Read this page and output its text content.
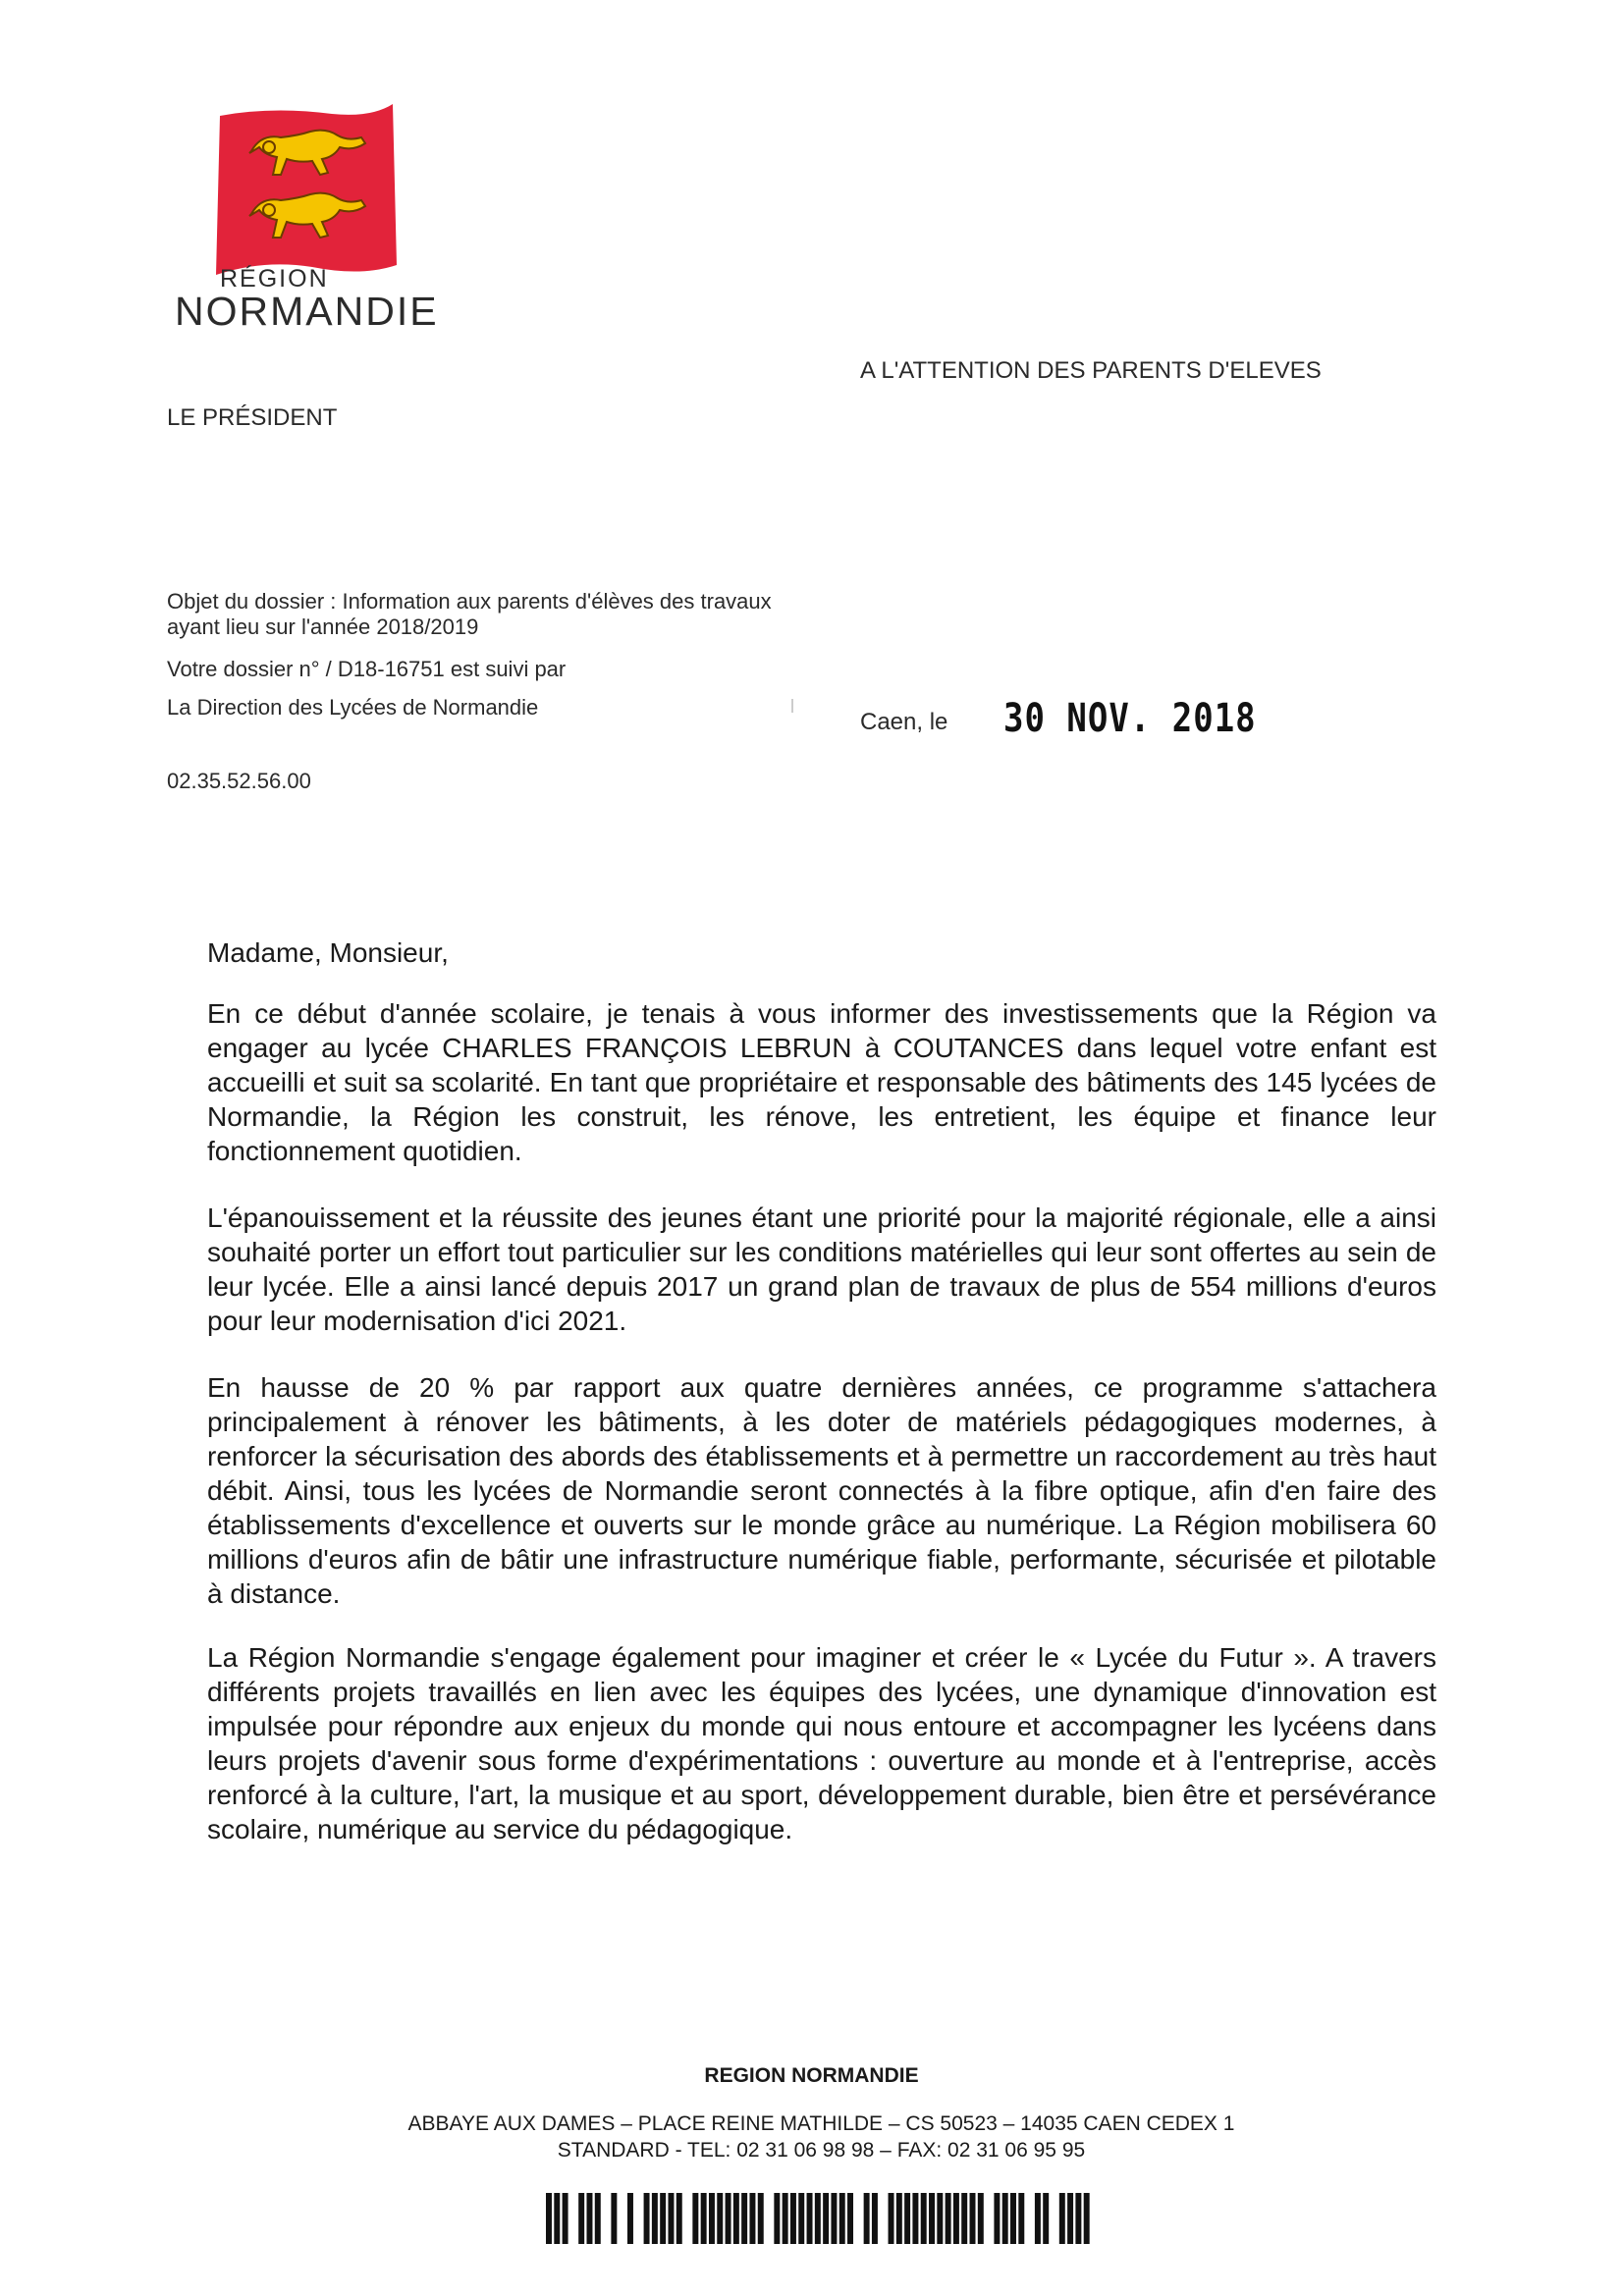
RÉGION
NORMANDIE
A L'ATTENTION DES PARENTS D'ELEVES
LE PRÉSIDENT
Objet du dossier : Information aux parents d'élèves des travaux ayant lieu sur l'année 2018/2019
Votre dossier n° / D18-16751 est suivi par
La Direction des Lycées de Normandie
02.35.52.56.00
Caen, le 30 NOV. 2018
Madame, Monsieur,
En ce début d'année scolaire, je tenais à vous informer des investissements que la Région va engager au lycée CHARLES FRANÇOIS LEBRUN à COUTANCES dans lequel votre enfant est accueilli et suit sa scolarité. En tant que propriétaire et responsable des bâtiments des 145 lycées de Normandie, la Région les construit, les rénove, les entretient, les équipe et finance leur fonctionnement quotidien.
L'épanouissement et la réussite des jeunes étant une priorité pour la majorité régionale, elle a ainsi souhaité porter un effort tout particulier sur les conditions matérielles qui leur sont offertes au sein de leur lycée. Elle a ainsi lancé depuis 2017 un grand plan de travaux de plus de 554 millions d'euros pour leur modernisation d'ici 2021.
En hausse de 20 % par rapport aux quatre dernières années, ce programme s'attachera principalement à rénover les bâtiments, à les doter de matériels pédagogiques modernes, à renforcer la sécurisation des abords des établissements et à permettre un raccordement au très haut débit. Ainsi, tous les lycées de Normandie seront connectés à la fibre optique, afin d'en faire des établissements d'excellence et ouverts sur le monde grâce au numérique. La Région mobilisera 60 millions d'euros afin de bâtir une infrastructure numérique fiable, performante, sécurisée et pilotable à distance.
La Région Normandie s'engage également pour imaginer et créer le « Lycée du Futur ». A travers différents projets travaillés en lien avec les équipes des lycées, une dynamique d'innovation est impulsée pour répondre aux enjeux du monde qui nous entoure et accompagner les lycéens dans leurs projets d'avenir sous forme d'expérimentations : ouverture au monde et à l'entreprise, accès renforcé à la culture, l'art, la musique et au sport, développement durable, bien être et persévérance scolaire, numérique au service du pédagogique.
REGION NORMANDIE
ABBAYE AUX DAMES – PLACE REINE MATHILDE – CS 50523 – 14035 CAEN CEDEX 1
STANDARD - TEL: 02 31 06 98 98 – FAX: 02 31 06 95 95
